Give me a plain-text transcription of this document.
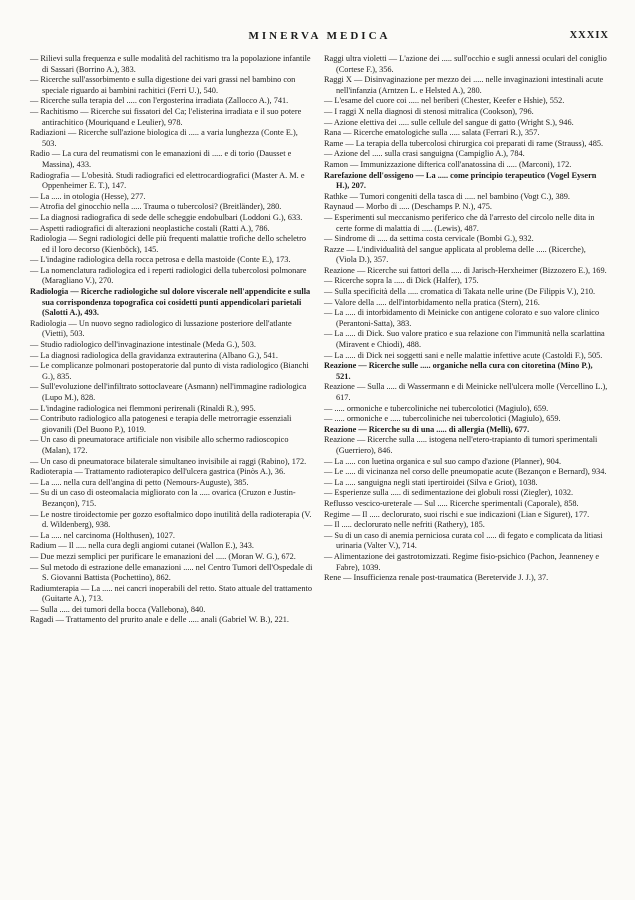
MINERVA MEDICA	XXXIX

— Rilievi sulla frequenza e sulle modalità del rachitismo tra la popolazione infantile di Sassari (Borrino A.), 383.

— Ricerche sull'assorbimento e sulla digestione dei vari grassi nel bambino con speciale riguardo ai bambini rachitici (Ferri U.), 540.

— Ricerche sulla terapia del ..... con l'ergosterina irradiata (Zallocco A.), 741.

— Rachitismo — Ricerche sui fissatori del Ca; l'elisterina irradiata e il suo potere antirachitico (Mouriquand e Leulier), 978.

Radiazioni — Ricerche sull'azione biologica di ..... a varia lunghezza (Conte E.), 503.

Radio — La cura del reumatismi con le emanazioni di ..... e di torio (Dausset e Massina), 433.

Radiografia — L'obesità. Studi radiografici ed elettrocardiografici (Master A. M. e Oppenheimer E. T.), 147.

— La ..... in otologia (Hesse), 277.

— Atrofia del ginocchio nella ..... Trauma o tubercolosi? (Breitländer), 280.

— La diagnosi radiografica di sede delle scheggie endobulbari (Loddoni G.), 633.

— Aspetti radiografici di alterazioni neoplastiche costali (Ratti A.), 786.

Radiologia — Segni radiologici delle più frequenti malattie trofiche dello scheletro ed il loro decorso (Kienböck), 145.

— L'indagine radiologica della rocca petrosa e della mastoide (Conte E.), 173.

— La nomenclatura radiologica ed i reperti radiologici della tubercolosi polmonare (Maragliano V.), 270.

Radiologia — Ricerche radiologiche sul dolore viscerale nell'appendicite e sulla sua corrispondenza topografica coi cosidetti punti appendicolari parietali (Salotti A.), 493.

Radiologia — Un nuovo segno radiologico di lussazione posteriore dell'atlante (Vietti), 503.

— Studio radiologico dell'invaginazione intestinale (Meda G.), 503.

— La diagnosi radiologica della gravidanza extrauterina (Albano G.), 541.

— Le complicanze polmonari postoperatorie dal punto di vista radiologico (Bianchi G.), 835.

— Sull'evoluzione dell'infiltrato sottoclaveare (Asmann) nell'immagine radiologica (Lupo M.), 828.

— L'indagine radiologica nei flemmoni perirenali (Rinaldi R.), 995.

— Contributo radiologico alla patogenesi e terapia delle metrorragie essenziali giovanili (Del Buono P.), 1019.

— Un caso di pneumatorace artificiale non visibile allo schermo radioscopico (Malan), 172.

— Un caso di pneumatorace bilaterale simultaneo invisibile ai raggi (Rabino), 172.

Radioterapia — Trattamento radioterapico dell'ulcera gastrica (Pinòs A.), 36.

— La ..... nella cura dell'angina di petto (Nemours-Auguste), 385.

— Su di un caso di osteomalacia migliorato con la ..... ovarica (Cruzon e Justin-Bezançon), 715.

— Le nostre tiroidectomie per gozzo esoftalmico dopo inutilità della radioterapia (V. d. Wildenberg), 938.

— La ..... nel carcinoma (Holthusen), 1027.

Radium — Il ..... nella cura degli angiomi cutanei (Wallon E.), 343.

— Due mezzi semplici per purificare le emanazioni del ..... (Moran W. G.), 672.

— Sul metodo di estrazione delle emanazioni ..... nel Centro Tumori dell'Ospedale di S. Giovanni Battista (Pochettino), 862.

Radiumterapia — La ..... nei cancri inoperabili del retto. Stato attuale del trattamento (Guitarte A.), 713.

— Sulla ..... dei tumori della bocca (Vallebona), 840.

Ragadi — Trattamento del prurito anale e delle ..... anali (Gabriel W. B.), 221.

Raggi ultra violetti — L'azione dei ..... sull'occhio e sugli annessi oculari del coniglio (Cortese F.), 356.

Raggi X — Disinvaginazione per mezzo dei ..... nelle invaginazioni intestinali acute nell'infanzia (Arntzen L. e Helsted A.), 280.

— L'esame del cuore coi ..... nel beriberi (Chester, Keefer e Hshie), 552.

— I raggi X nella diagnosi di stenosi mitralica (Cookson), 796.

— Azione elettiva dei ..... sulle cellule del sangue di gatto (Wright S.), 946.

Rana — Ricerche ematologiche sulla ..... salata (Ferrari R.), 357.

Rame — La terapia della tubercolosi chirurgica coi preparati di rame (Strauss), 485.

— Azione del ..... sulla crasi sanguigna (Campiglio A.), 784.

Ramon — Immunizzazione difterica coll'anatossina di ..... (Marconi), 172.

Rarefazione dell'ossigeno — La ..... come principio terapeutico (Vogel Eysern H.), 207.

Rathke — Tumori congeniti della tasca di ..... nel bambino (Vogt C.), 389.

Raynaud — Morbo di ..... (Deschamps P. N.), 475.

— Esperimenti sul meccanismo periferico che dà l'arresto del circolo nelle dita in certe forme di malattia di ..... (Lewis), 487.

— Sindrome di ..... da settima costa cervicale (Bombi G.), 932.

Razze — L'individualità del sangue applicata al problema delle ..... (Ricerche), (Viola D.), 357.

Reazione — Ricerche sui fattori della ..... di Jarisch-Herxheimer (Bizzozero E.), 169.

— Ricerche sopra la ..... di Dick (Halfer), 175.

— Sulla specificità della ..... cromatica di Takata nelle urine (De Filippis V.), 210.

— Valore della ..... dell'intorbidamento nella pratica (Stern), 216.

— La ..... di intorbidamento di Meinicke con antigene colorato e suo valore clinico (Perantoni-Satta), 383.

— La ..... di Dick. Suo valore pratico e sua relazione con l'immunità nella scarlattina (Miravent e Chiodi), 488.

— La ..... di Dick nei soggetti sani e nelle malattie infettive acute (Castoldi F.), 505.

Reazione — Ricerche sulle ..... organiche nella cura con citoretina (Mino P.), 521.

Reazione — Sulla ..... di Wassermann e di Meinicke nell'ulcera molle (Vercellino L.), 617.

— ..... ormoniche e tubercoliniche nei tubercolotici (Magiulo), 659.

— ..... ormoniche e ..... tubercoliniche nei tubercolotici (Magiulo), 659.

Reazione — Ricerche su di una ..... di allergia (Melli), 677.

Reazione — Ricerche sulla ..... istogena nell'etero-trapianto di tumori sperimentali (Guerriero), 846.

— La ..... con luetina organica e sul suo campo d'azione (Planner), 904.

— Le ..... di vicinanza nel corso delle pneumopatie acute (Bezançon e Bernard), 934.

— La ..... sanguigna negli stati ipertiroidei (Silva e Griot), 1038.

— Esperienze sulla ..... di sedimentazione dei globuli rossi (Ziegler), 1032.

Reflusso vescico-ureterale — Sul ..... Ricerche sperimentali (Caporale), 858.

Regime — Il ..... declorurato, suoi rischi e sue indicazioni (Lian e Siguret), 177.

— Il ..... declorurato nelle nefriti (Rathery), 185.

— Su di un caso di anemia perniciosa curata col ..... di fegato e complicata da litiasi urinaria (Valter V.), 714.

— Alimentazione dei gastrotomizzati. Regime fisio-psichico (Pachon, Jeanneney e Fabre), 1039.

Rene — Insufficienza renale post-traumatica (Bereterviđe J. J.), 37.
